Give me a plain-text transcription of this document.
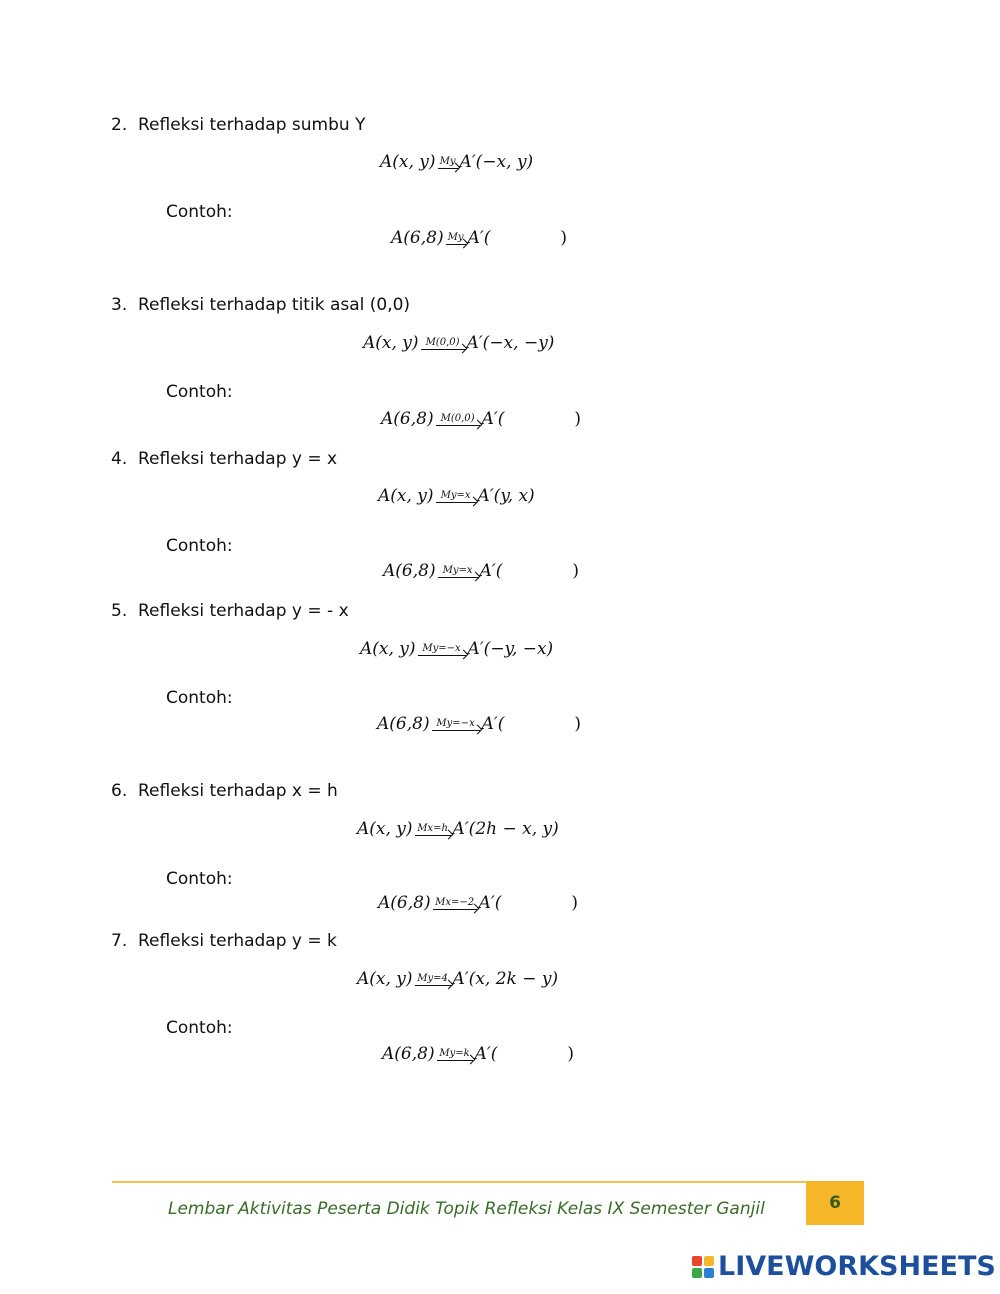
2. Refleksi terhadap sumbu Y
A(x, y) My A′(−x, y)
Contoh:
A(6,8) My A′(	)
3. Refleksi terhadap titik asal (0,0)
A(x, y) M(0,0) A′(−x, −y)
Contoh:
A(6,8) M(0,0) A′(	)
4. Refleksi terhadap y = x
A(x, y) My=x A′(y, x)
Contoh:
A(6,8) My=x A′(	)
5. Refleksi terhadap y = - x
A(x, y) My=−x A′(−y, −x)
Contoh:
A(6,8) My=−x A′(	)
6. Refleksi terhadap x = h
A(x, y) Mx=h A′(2h − x, y)
Contoh:
A(6,8) Mx=−2 A′(	)
7. Refleksi terhadap y = k
A(x, y) My=4 A′(x, 2k − y)
Contoh:
A(6,8) My=k A′(	)
Lembar Aktivitas Peserta Didik Topik Refleksi Kelas IX Semester Ganjil	6
LIVEWORKSHEETS
